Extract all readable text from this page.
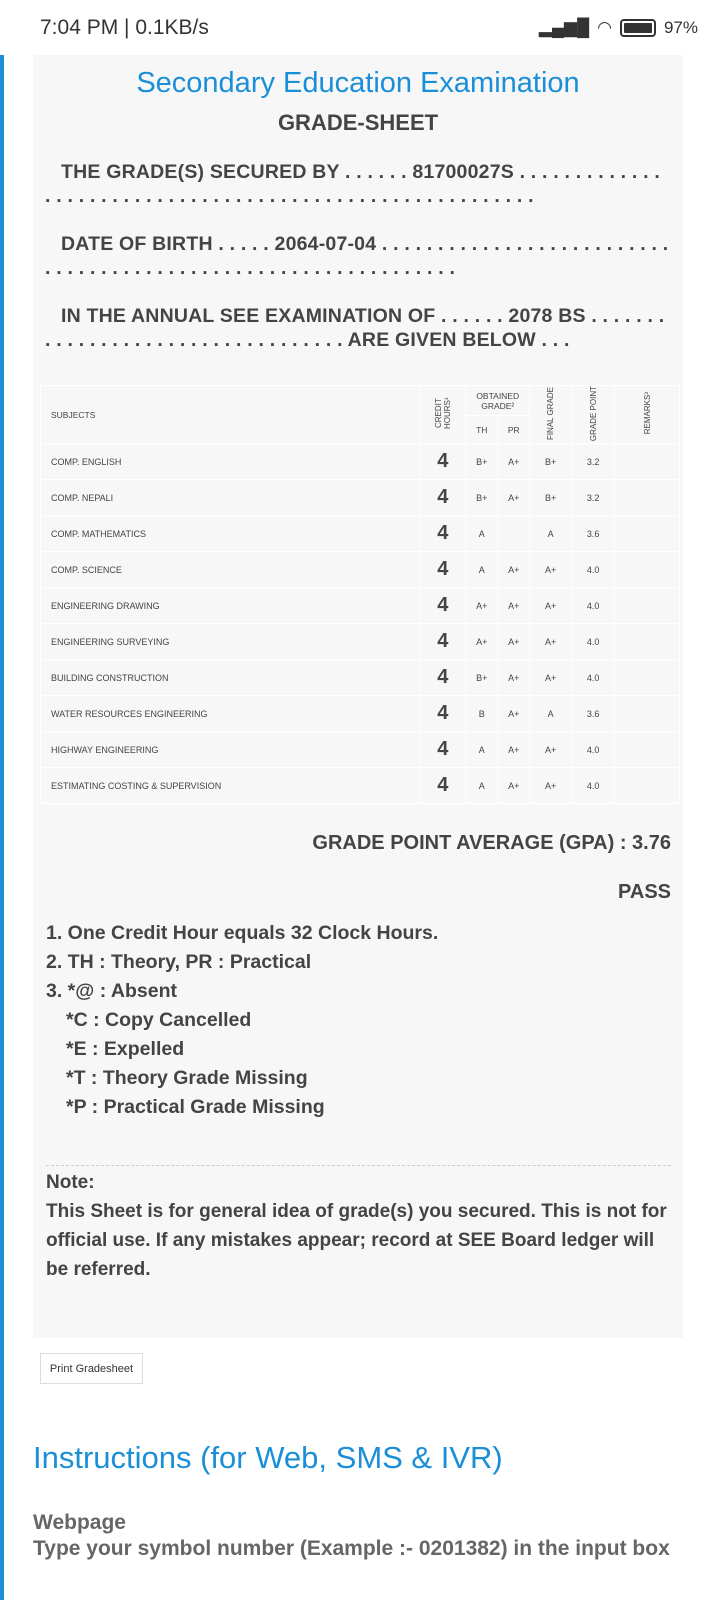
7:04 PM | 0.1KB/s	▂▄▆█ ◠	97%
Secondary Education Examination
GRADE-SHEET
THE GRADE(S) SECURED BY . . . . . . 81700027S . . . . . . . . . . . . . . . . . . . . . . . . . . . . . . . . . . . . . . . . . . . . . . . . . . . . . . . . .
DATE OF BIRTH . . . . . 2064-07-04 . . . . . . . . . . . . . . . . . . . . . . . . . . . . . . . . . . . . . . . . . . . . . . . . . . . . . . . . . . . . . . .
IN THE ANNUAL SEE EXAMINATION OF . . . . . . 2078 BS . . . . . . . . . . . . . . . . . . . . . . . . . . . . . . . . . . ARE GIVEN BELOW . . .
SUBJECTS	CREDIT HOURS¹	OBTAINED GRADE²		FINAL GRADE	GRADE POINT	REMARKS³
		TH	PR			
COMP. ENGLISH	4	B+	A+	B+	3.2	
COMP. NEPALI	4	B+	A+	B+	3.2	
COMP. MATHEMATICS	4	A		A	3.6	
COMP. SCIENCE	4	A	A+	A+	4.0	
ENGINEERING DRAWING	4	A+	A+	A+	4.0	
ENGINEERING SURVEYING	4	A+	A+	A+	4.0	
BUILDING CONSTRUCTION	4	B+	A+	A+	4.0	
WATER RESOURCES ENGINEERING	4	B	A+	A	3.6	
HIGHWAY ENGINEERING	4	A	A+	A+	4.0	
ESTIMATING COSTING & SUPERVISION	4	A	A+	A+	4.0	
GRADE POINT AVERAGE (GPA) : 3.76
PASS
1. One Credit Hour equals 32 Clock Hours.
2. TH : Theory, PR : Practical
3. *@ : Absent
*C : Copy Cancelled
*E : Expelled
*T : Theory Grade Missing
*P : Practical Grade Missing
Note:
This Sheet is for general idea of grade(s) you secured. This is not for official use. If any mistakes appear; record at SEE Board ledger will be referred.
Print Gradesheet
Instructions (for Web, SMS & IVR)
Webpage
Type your symbol number (Example :- 0201382) in the input box
